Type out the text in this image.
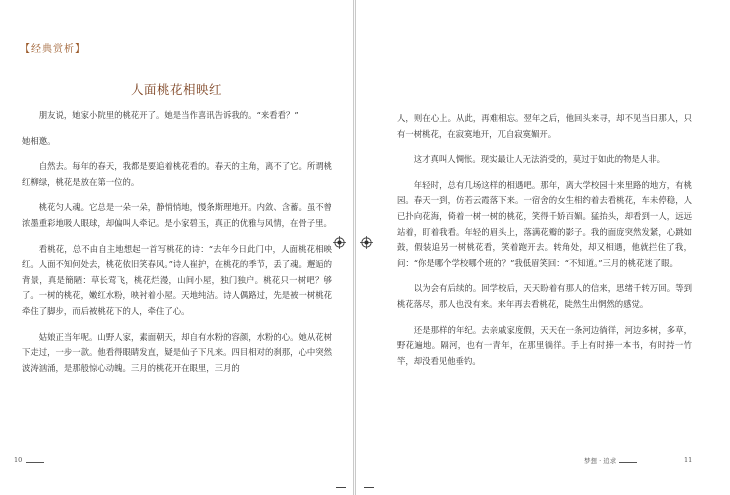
【经典赏析】
人面桃花相映红

朋友说，她家小院里的桃花开了。她是当作喜讯告诉我的。“来看看？”

她相邀。

自然去。每年的春天，我都是要追着桃花看的。春天的主角，离不了它。所谓桃红柳绿，桃花是放在第一位的。

桃花匀人魂。它总是一朵一朵，静悄悄地，慢条斯理地开。内敛、含蓄。虽不曾浓墨重彩地吸人眼球，却偏叫人牵记。是小家碧玉，真正的优雅与风情，在骨子里。

看桃花，总不由自主地想起一首写桃花的诗：“去年今日此门中，人面桃花相映红。人面不知何处去，桃花依旧笑春风。”诗人崔护，在桃花的季节，丢了魂。邂逅的背景，真是簡陋：草长莺飞，桃花烂漫，山间小屋，独门独户。桃花只一树吧？够了。一树的桃花，嫩红水粉，映衬着小屋。天地纯洁。诗人偶路过，先是被一树桃花牵住了脚步，而后被桃花下的人，牵住了心。

姑娘正当年呢。山野人家，素面朝天，却自有水粉的容颜，水粉的心。她从花树下走过，一步一款。他看得眼睛发直，疑是仙子下凡来。四目相对的刹那，心中突然波涛汹涌，是那般惊心动魄。三月的桃花开在眼里，三月的

10

人，则在心上。从此，再难相忘。翌年之后，他回头来寻，却不见当日那人，只有一树桃花，在寂寞地开，兀自寂寞媚开。

这才真叫人惆怅。现实最让人无法消受的，莫过于如此的物是人非。

年轻时，总有几场这样的相遇吧。那年，离大学校园十来里路的地方，有桃园。春天一到，仿若云霞落下来。一宿舍的女生相约着去看桃花，车未停稳，人已扑向花海，倚着一树一树的桃花，笑得千娇百媚。猛抬头，却看到一人，远远站着，盯着我看。年轻的眉头上，落满花瓣的影子。我的面庞突然发紧，心跳如鼓，假装追另一树桃花看，笑着跑开去。转角处，却又相遇，他就拦住了我，问：“你是哪个学校哪个班的？”我低眉笑回：“不知道。”三月的桃花迷了眼。

以为会有后续的。回学校后，天天盼着有那人的信来，思绪千转万回。等到桃花落尽，那人也没有来。来年再去看桃花，陡然生出惘然的感觉。

还是那样的年纪。去亲戚家度假，天天在一条河边徜徉，河边多树，多草，野花遍地。隔河，也有一青年，在那里徜徉。手上有时捧一本书，有时持一竹竿，却没看见他垂钓。

梦想 · 追求	11
